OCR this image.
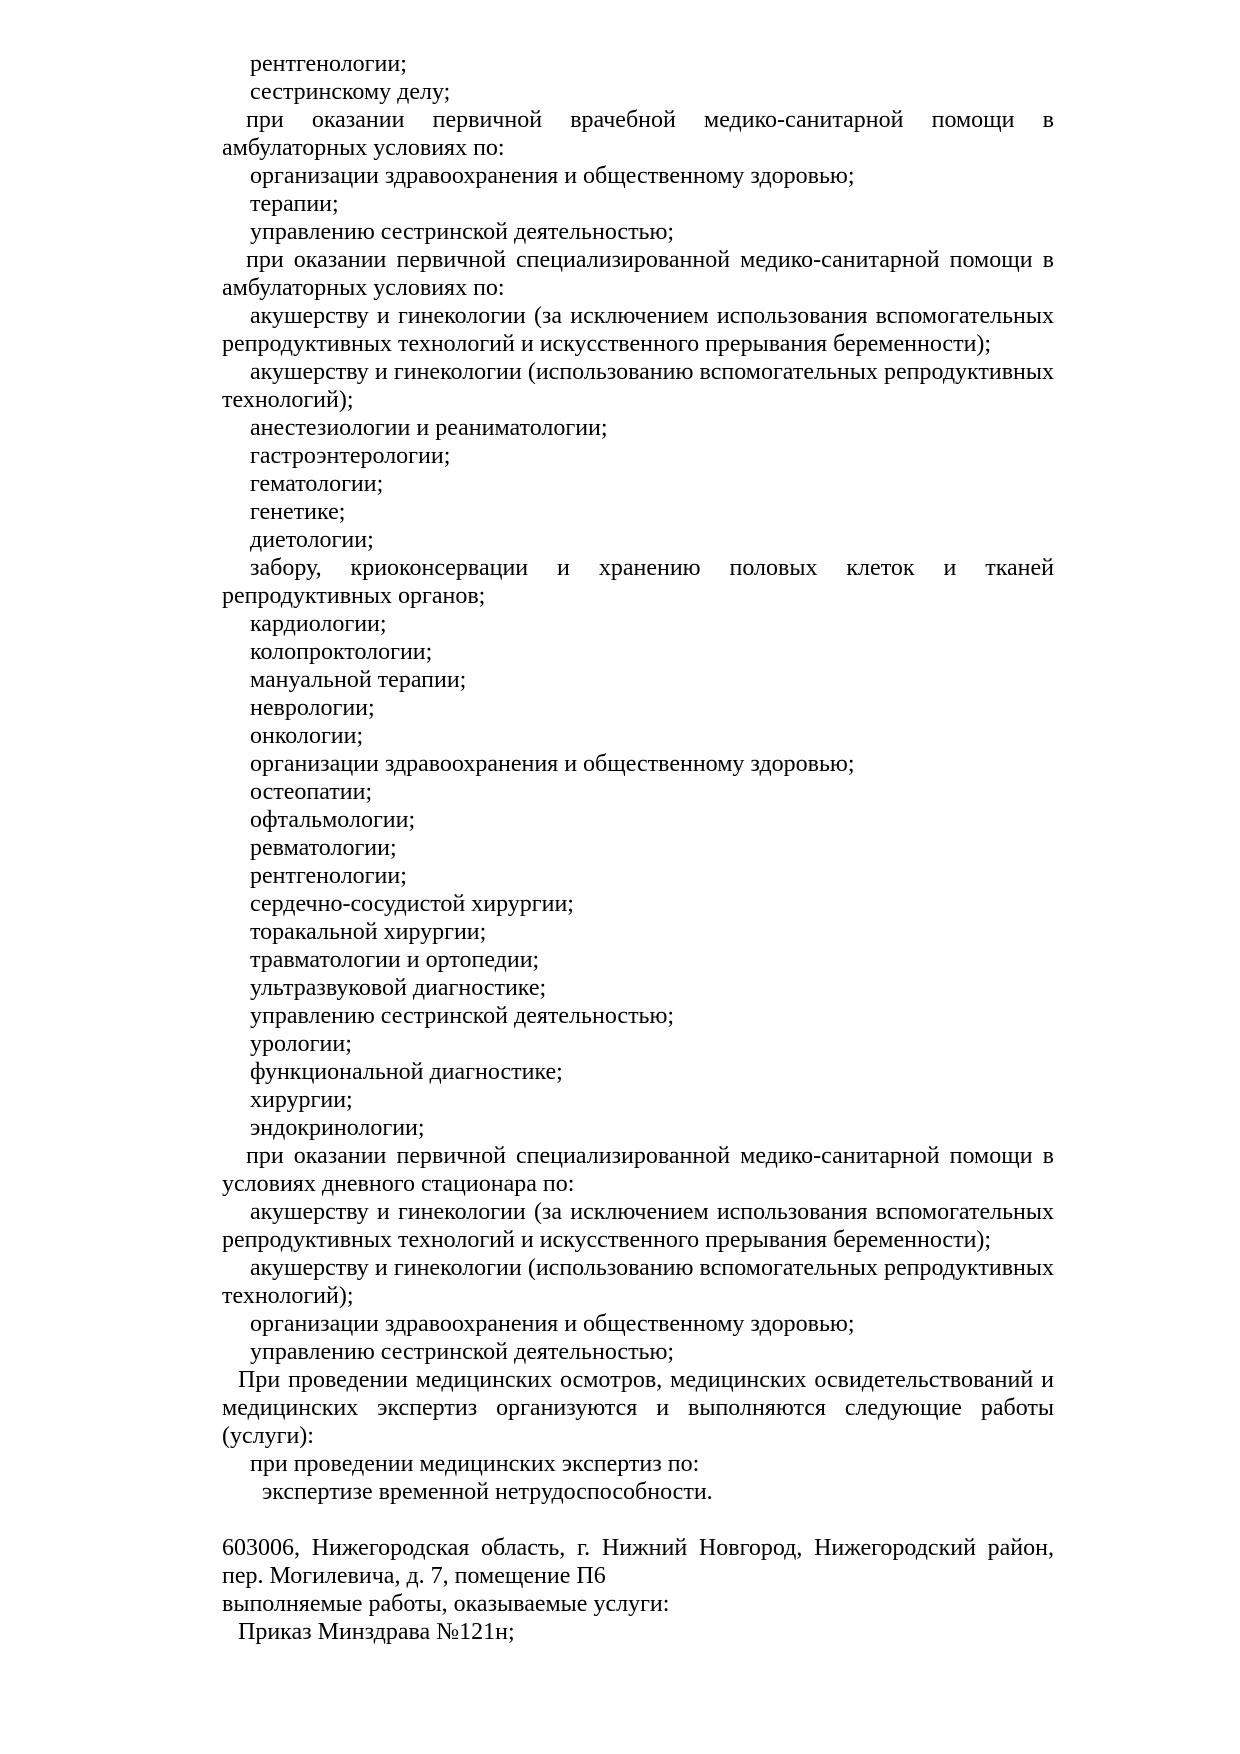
рентгенологии;

сестринскому делу;

при оказании первичной врачебной медико-санитарной помощи в амбулаторных условиях по:

организации здравоохранения и общественному здоровью;

терапии;

управлению сестринской деятельностью;

при оказании первичной специализированной медико-санитарной помощи в амбулаторных условиях по:

акушерству и гинекологии (за исключением использования вспомогательных репродуктивных технологий и искусственного прерывания беременности);

акушерству и гинекологии (использованию вспомогательных репродуктивных технологий);

анестезиологии и реаниматологии;

гастроэнтерологии;

гематологии;

генетике;

диетологии;

забору, криоконсервации и хранению половых клеток и тканей репродуктивных органов;

кардиологии;

колопроктологии;

мануальной терапии;

неврологии;

онкологии;

организации здравоохранения и общественному здоровью;

остеопатии;

офтальмологии;

ревматологии;

рентгенологии;

сердечно-сосудистой хирургии;

торакальной хирургии;

травматологии и ортопедии;

ультразвуковой диагностике;

управлению сестринской деятельностью;

урологии;

функциональной диагностике;

хирургии;

эндокринологии;

при оказании первичной специализированной медико-санитарной помощи в условиях дневного стационара по:

акушерству и гинекологии (за исключением использования вспомогательных репродуктивных технологий и искусственного прерывания беременности);

акушерству и гинекологии (использованию вспомогательных репродуктивных технологий);

организации здравоохранения и общественному здоровью;

управлению сестринской деятельностью;

При проведении медицинских осмотров, медицинских освидетельствований и медицинских экспертиз организуются и выполняются следующие работы (услуги):

при проведении медицинских экспертиз по:

экспертизе временной нетрудоспособности.

603006, Нижегородская область, г. Нижний Новгород, Нижегородский район, пер. Могилевича, д. 7, помещение П6

выполняемые работы, оказываемые услуги:

Приказ Минздрава №121н;
